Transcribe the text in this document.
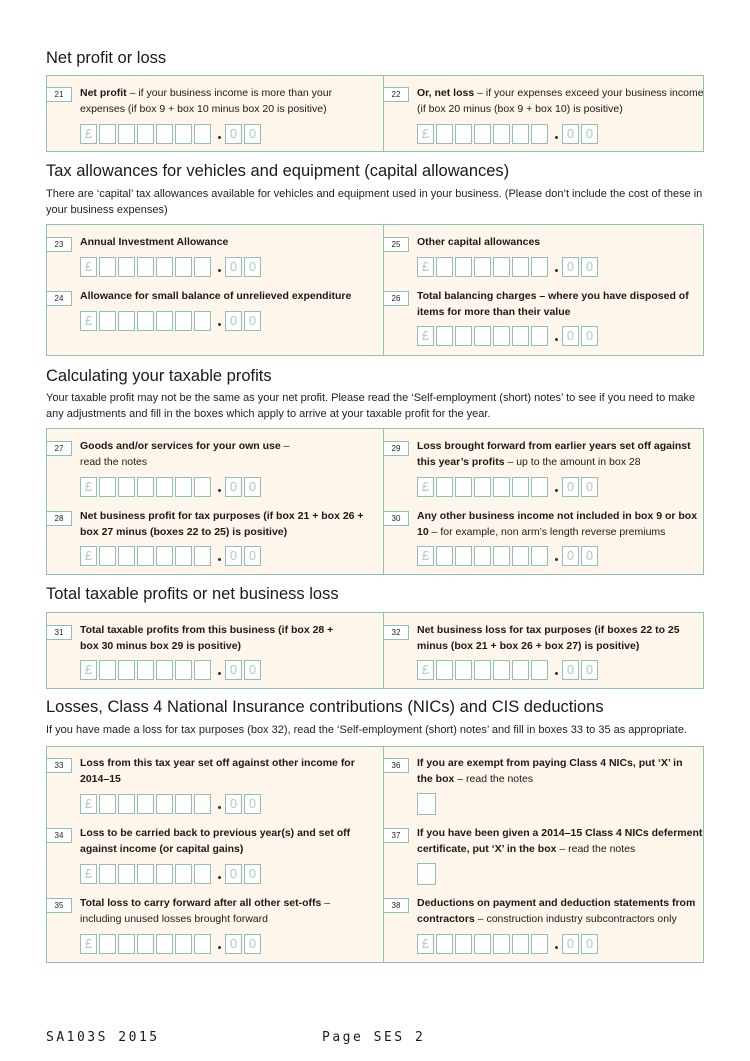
Net profit or loss
21	Net profit – if your business income is more than your expenses (if box 9 + box 10 minus box 20 is positive)
£	0 0
22	Or, net loss – if your expenses exceed your business income (if box 20 minus (box 9 + box 10) is positive)
£	0 0
Tax allowances for vehicles and equipment (capital allowances)
There are ‘capital’ tax allowances available for vehicles and equipment used in your business. (Please don’t include the cost of these in your business expenses)
23	Annual Investment Allowance
£	0 0
24	Allowance for small balance of unrelieved expenditure
£	0 0
25	Other capital allowances
£	0 0
26	Total balancing charges – where you have disposed of items for more than their value
£	0 0
Calculating your taxable profits
Your taxable profit may not be the same as your net profit. Please read the ‘Self-employment (short) notes’ to see if you need to make any adjustments and fill in the boxes which apply to arrive at your taxable profit for the year.
27	Goods and/or services for your own use – read the notes
£	0 0
28	Net business profit for tax purposes (if box 21 + box 26 + box 27 minus (boxes 22 to 25) is positive)
£	0 0
29	Loss brought forward from earlier years set off against this year’s profits – up to the amount in box 28
£	0 0
30	Any other business income not included in box 9 or box 10 – for example, non arm’s length reverse premiums
£	0 0
Total taxable profits or net business loss
31	Total taxable profits from this business (if box 28 + box 30 minus box 29 is positive)
£	0 0
32	Net business loss for tax purposes (if boxes 22 to 25 minus (box 21 + box 26 + box 27) is positive)
£	0 0
Losses, Class 4 National Insurance contributions (NICs) and CIS deductions
If you have made a loss for tax purposes (box 32), read the ‘Self-employment (short) notes’ and fill in boxes 33 to 35 as appropriate.
33	Loss from this tax year set off against other income for 2014–15
£	0 0
34	Loss to be carried back to previous year(s) and set off against income (or capital gains)
£	0 0
35	Total loss to carry forward after all other set-offs – including unused losses brought forward
£	0 0
36	If you are exempt from paying Class 4 NICs, put ‘X’ in the box – read the notes
37	If you have been given a 2014–15 Class 4 NICs deferment certificate, put ‘X’ in the box – read the notes
38	Deductions on payment and deduction statements from contractors – construction industry subcontractors only
£	0 0
SA103S 2015	Page SES 2
